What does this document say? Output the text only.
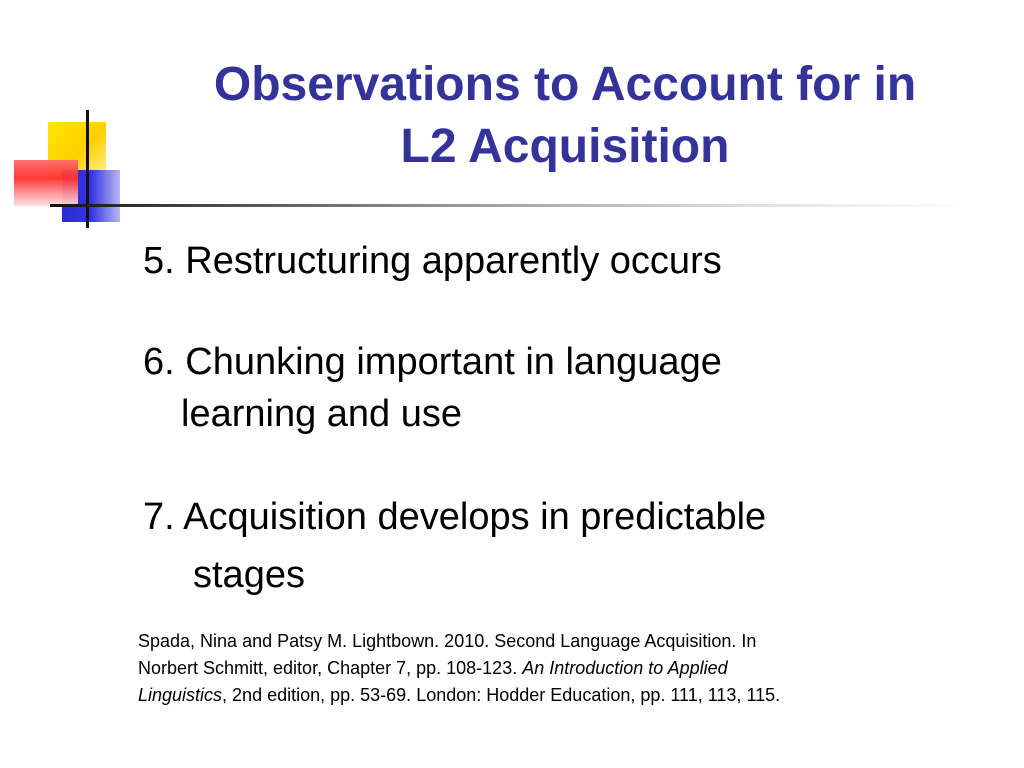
Observations to Account for in
L2 Acquisition
5. Restructuring apparently occurs
6. Chunking important in language
learning and use
7. Acquisition develops in predictable
stages

Spada, Nina and Patsy M. Lightbown. 2010. Second Language Acquisition. In
Norbert Schmitt, editor, Chapter 7, pp. 108-123. An Introduction to Applied
Linguistics, 2nd edition, pp. 53-69. London: Hodder Education, pp. 111, 113, 115.
